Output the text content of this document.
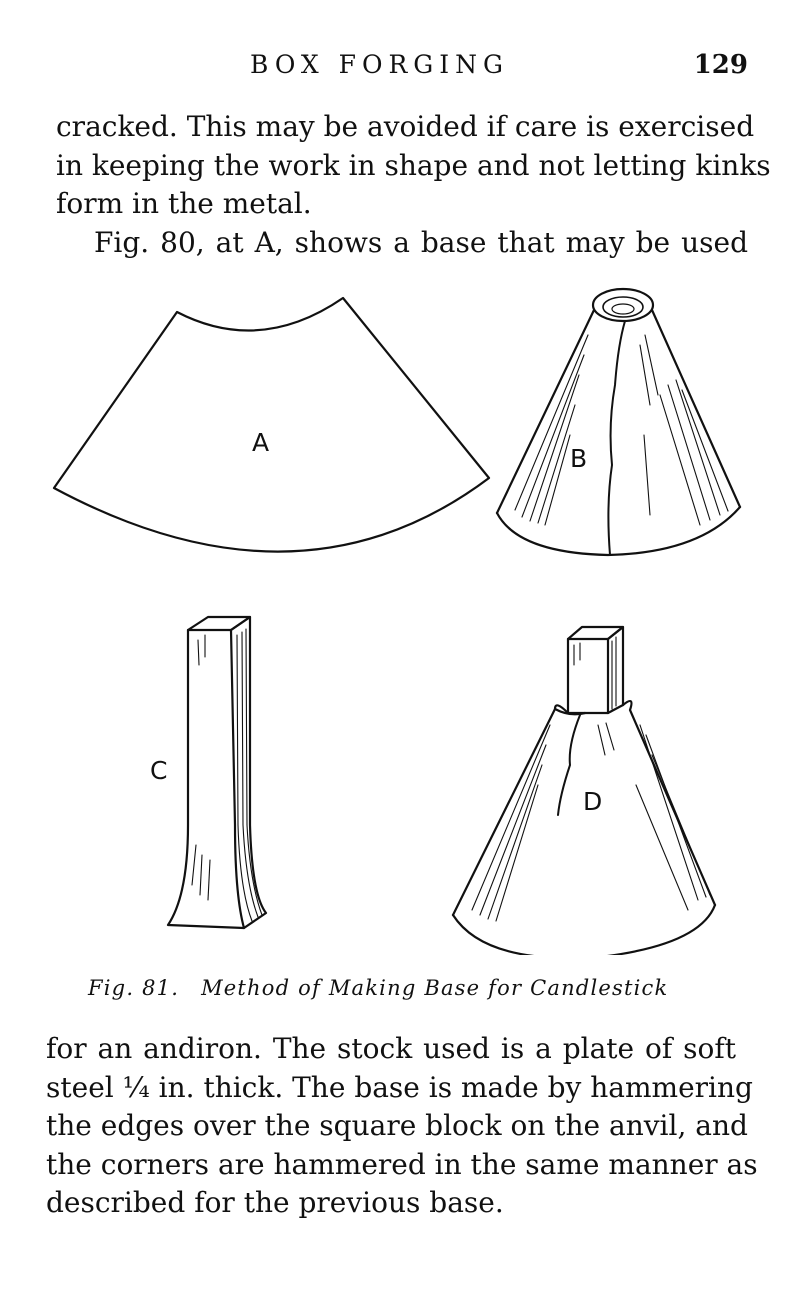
BOX FORGING	129
cracked. This may be avoided if care is exercised
in keeping the work in shape and not letting kinks
form in the metal.
Fig. 80, at A, shows a base that may be used
A
B
C
D
Fig. 81. Method of Making Base for Candlestick
for an andiron. The stock used is a plate of soft
steel ¼ in. thick. The base is made by hammering
the edges over the square block on the anvil, and
the corners are hammered in the same manner as
described for the previous base.
